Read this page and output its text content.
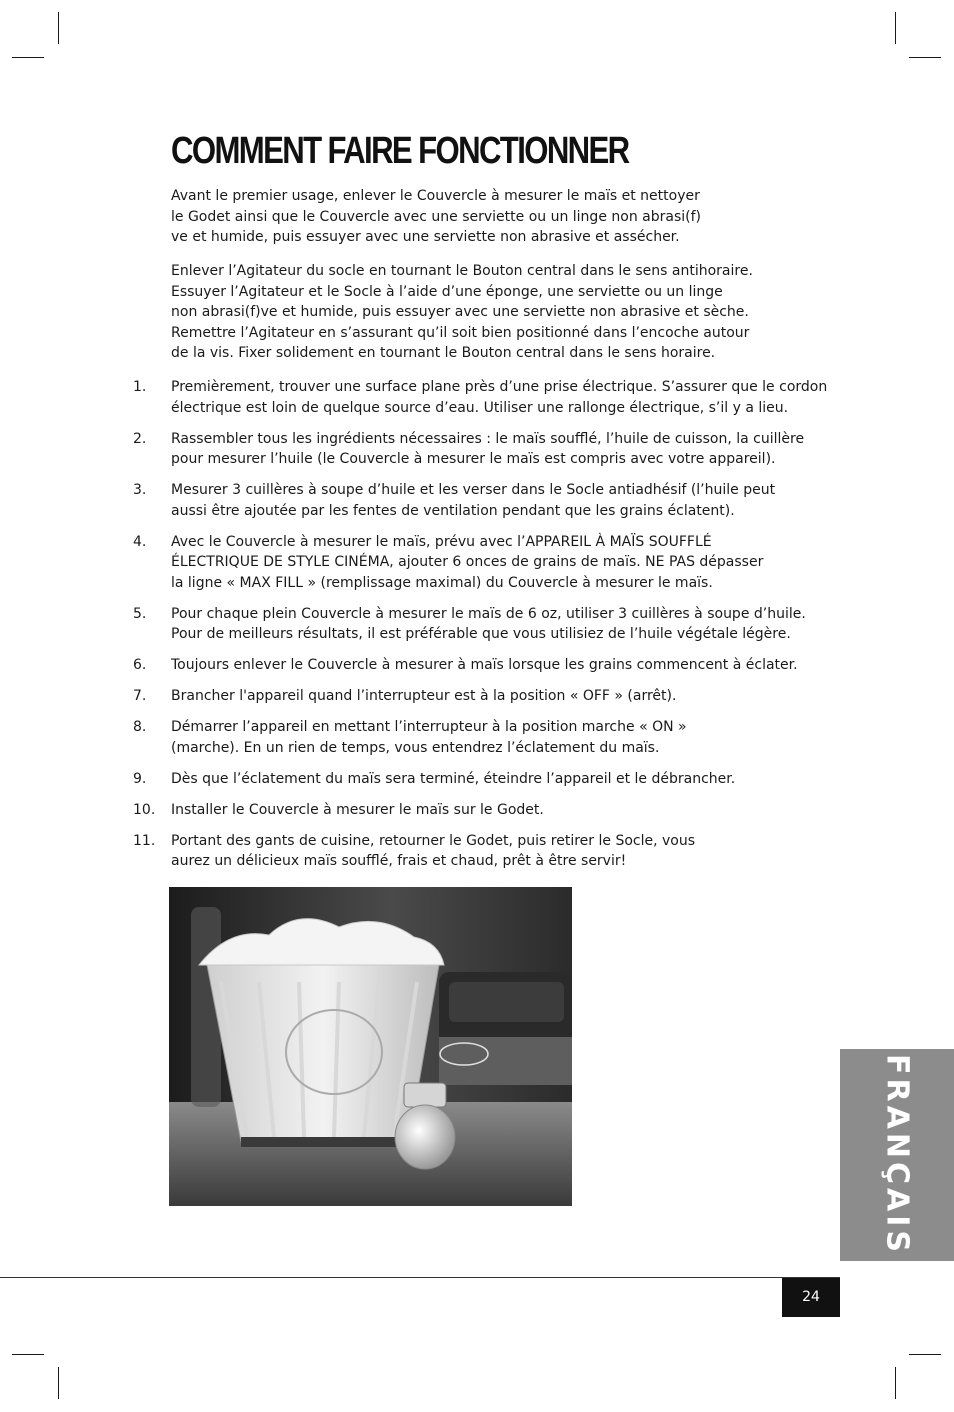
COMMENT FAIRE FONCTIONNER

Avant le premier usage, enlever le Couvercle à mesurer le maïs et nettoyer
le Godet ainsi que le Couvercle avec une serviette ou un linge non abrasi(f)
ve et humide, puis essuyer avec une serviette non abrasive et assécher.

Enlever l’Agitateur du socle en tournant le Bouton central dans le sens antihoraire.
Essuyer l’Agitateur et le Socle à l’aide d’une éponge, une serviette ou un linge
non abrasi(f)ve et humide, puis essuyer avec une serviette non abrasive et sèche.
Remettre l’Agitateur en s’assurant qu’il soit bien positionné dans l’encoche autour
de la vis. Fixer solidement en tournant le Bouton central dans le sens horaire.

1. Premièrement, trouver une surface plane près d’une prise électrique. S’assurer que le cordon
électrique est loin de quelque source d’eau. Utiliser une rallonge électrique, s’il y a lieu.
2. Rassembler tous les ingrédients nécessaires : le maïs soufflé, l’huile de cuisson, la cuillère
pour mesurer l’huile (le Couvercle à mesurer le maïs est compris avec votre appareil).
3. Mesurer 3 cuillères à soupe d’huile et les verser dans le Socle antiadhésif (l’huile peut
aussi être ajoutée par les fentes de ventilation pendant que les grains éclatent).
4. Avec le Couvercle à mesurer le maïs, prévu avec l’APPAREIL À MAÏS SOUFFLÉ
ÉLECTRIQUE DE STYLE CINÉMA, ajouter 6 onces de grains de maïs. NE PAS dépasser
la ligne « MAX FILL » (remplissage maximal) du Couvercle à mesurer le maïs.
5. Pour chaque plein Couvercle à mesurer le maïs de 6 oz, utiliser 3 cuillères à soupe d’huile.
Pour de meilleurs résultats, il est préférable que vous utilisiez de l’huile végétale légère.
6. Toujours enlever le Couvercle à mesurer à maïs lorsque les grains commencent à éclater.
7. Brancher l'appareil quand l’interrupteur est à la position « OFF » (arrêt).
8. Démarrer l’appareil en mettant l’interrupteur à la position marche « ON »
(marche). En un rien de temps, vous entendrez l’éclatement du maïs.
9. Dès que l’éclatement du maïs sera terminé, éteindre l’appareil et le débrancher.
10. Installer le Couvercle à mesurer le maïs sur le Godet.
11. Portant des gants de cuisine, retourner le Godet, puis retirer le Socle, vous
aurez un délicieux maïs soufflé, frais et chaud, prêt à être servir!
FRANÇAIS
24
